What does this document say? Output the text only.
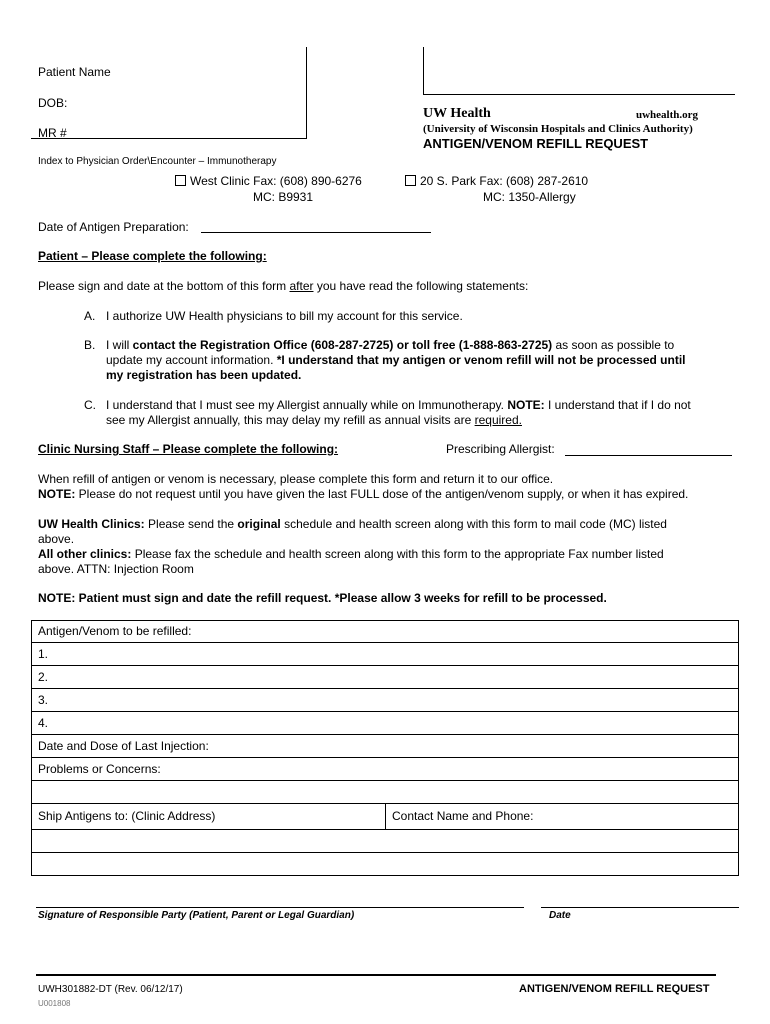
Patient Name
DOB:
MR #
UW Health	uwhealth.org
(University of Wisconsin Hospitals and Clinics Authority)
ANTIGEN/VENOM REFILL REQUEST
Index to Physician Order\Encounter – Immunotherapy
West Clinic Fax: (608) 890-6276
MC: B9931
20 S. Park Fax: (608) 287-2610
MC: 1350-Allergy
Date of Antigen Preparation:
Patient – Please complete the following:
Please sign and date at the bottom of this form after you have read the following statements:
A. I authorize UW Health physicians to bill my account for this service.
B. I will contact the Registration Office (608-287-2725) or toll free (1-888-863-2725) as soon as possible to
update my account information. *I understand that my antigen or venom refill will not be processed until
my registration has been updated.
C. I understand that I must see my Allergist annually while on Immunotherapy. NOTE: I understand that if I do not
see my Allergist annually, this may delay my refill as annual visits are required.
Clinic Nursing Staff – Please complete the following:	Prescribing Allergist:
When refill of antigen or venom is necessary, please complete this form and return it to our office.
NOTE: Please do not request until you have given the last FULL dose of the antigen/venom supply, or when it has expired.
UW Health Clinics: Please send the original schedule and health screen along with this form to mail code (MC) listed
above.
All other clinics: Please fax the schedule and health screen along with this form to the appropriate Fax number listed
above. ATTN: Injection Room
NOTE: Patient must sign and date the refill request. *Please allow 3 weeks for refill to be processed.
Antigen/Venom to be refilled:
1.
2.
3.
4.
Date and Dose of Last Injection:
Problems or Concerns:
Ship Antigens to: (Clinic Address)	Contact Name and Phone:
Signature of Responsible Party (Patient, Parent or Legal Guardian)	Date
UWH301882-DT (Rev. 06/12/17)
U001808
ANTIGEN/VENOM REFILL REQUEST
